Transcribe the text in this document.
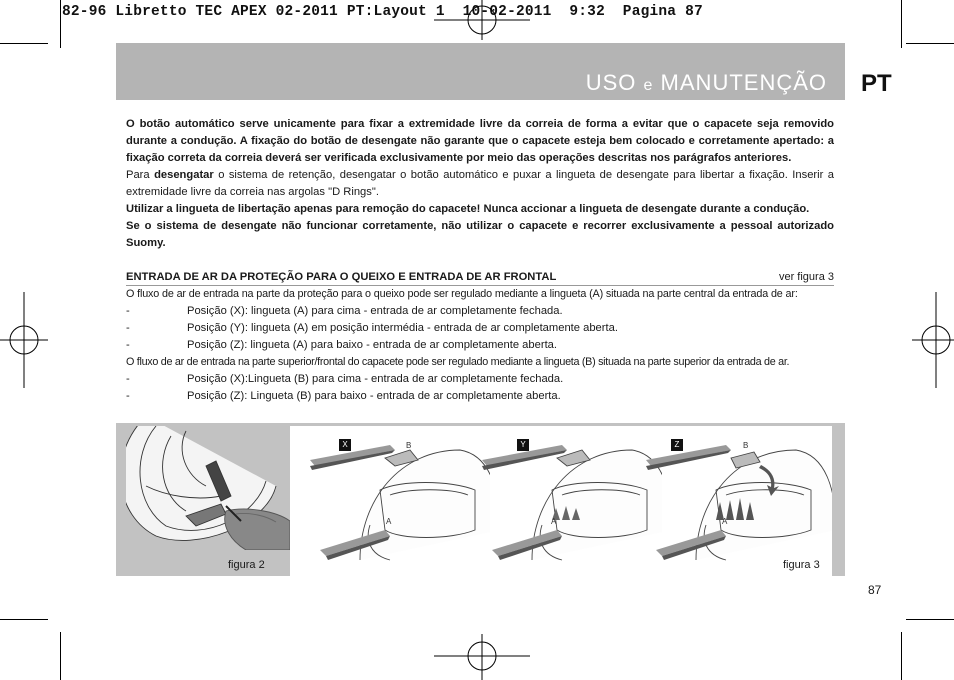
82-96 Libretto TEC APEX 02-2011 PT:Layout 1  10-02-2011  9:32  Pagina 87
USO e MANUTENÇÃO PT

O botão automático serve unicamente para fixar a extremidade livre da correia de forma a evitar que o capacete seja removido durante a condução. A fixação do botão de desengate não garante que o capacete esteja bem colocado e corretamente apertado: a fixação correta da correia deverá ser verificada exclusivamente por meio das operações descritas nos parágrafos anteriores.

Para desengatar o sistema de retenção, desengatar o botão automático e puxar a lingueta de desengate para libertar a fixação. Inserir a extremidade livre da correia nas argolas "D Rings".

Utilizar a lingueta de libertação apenas para remoção do capacete! Nunca accionar a lingueta de desengate durante a condução.

Se o sistema de desengate não funcionar corretamente, não utilizar o capacete e recorrer exclusivamente a pessoal autorizado Suomy.

ENTRADA DE AR DA PROTEÇÃO PARA O QUEIXO E ENTRADA DE AR FRONTAL	ver figura 3

O fluxo de ar de entrada na parte da proteção para o queixo pode ser regulado mediante a lingueta (A) situada na parte central da entrada de ar:

-	Posição (X): lingueta (A) para cima - entrada de ar completamente fechada.

-	Posição (Y): lingueta (A) em posição intermédia - entrada de ar completamente aberta.

-	Posição (Z): lingueta (A) para baixo - entrada de ar completamente aberta.

O fluxo de ar de entrada na parte superior/frontal do capacete pode ser regulado mediante a lingueta (B) situada na parte superior da entrada de ar.

-	Posição (X):Lingueta (B) para cima - entrada de ar completamente fechada.

-	Posição (Z): Lingueta (B) para baixo - entrada de ar completamente aberta.

figura 2
X	B
A
Y
A
Z	B
A
figura 3
87
